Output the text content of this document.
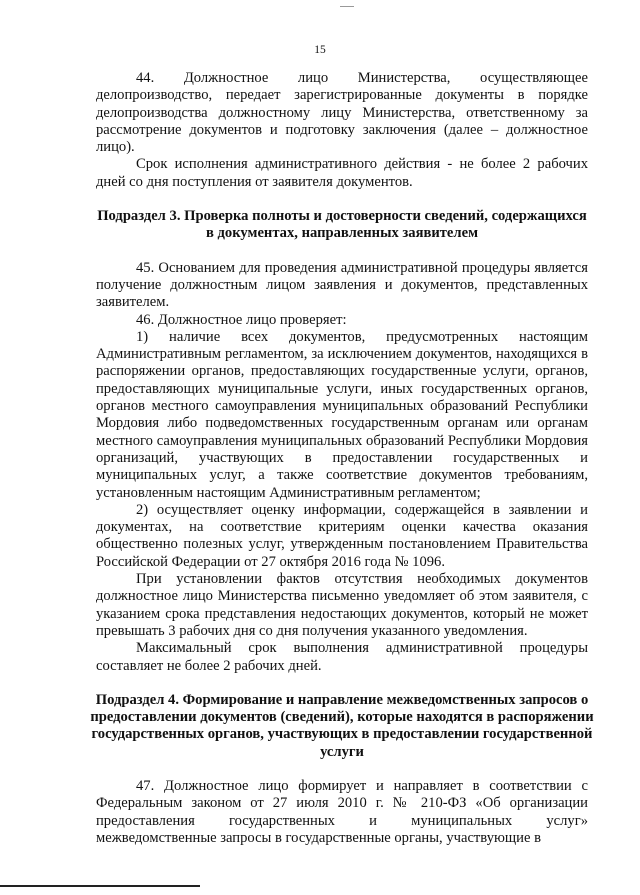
15

44. Должностное лицо Министерства, осуществляющее делопроизводство, передает зарегистрированные документы в порядке делопроизводства должностному лицу Министерства, ответственному за рассмотрение документов и подготовку заключения (далее – должностное лицо).

Срок исполнения административного действия - не более 2 рабочих дней со дня поступления от заявителя документов.

Подраздел 3. Проверка полноты и достоверности сведений, содержащихся в документах, направленных заявителем

45. Основанием для проведения административной процедуры является получение должностным лицом заявления и документов, представленных заявителем.

46. Должностное лицо проверяет:

1) наличие всех документов, предусмотренных настоящим Административным регламентом, за исключением документов, находящихся в распоряжении органов, предоставляющих государственные услуги, органов, предоставляющих муниципальные услуги, иных государственных органов, органов местного самоуправления муниципальных образований Республики Мордовия либо подведомственных государственным органам или органам местного самоуправления муниципальных образований Республики Мордовия организаций, участвующих в предоставлении государственных и муниципальных услуг, а также соответствие документов требованиям, установленным настоящим Административным регламентом;

2) осуществляет оценку информации, содержащейся в заявлении и документах, на соответствие критериям оценки качества оказания общественно полезных услуг, утвержденным постановлением Правительства Российской Федерации от 27 октября 2016 года № 1096.

При установлении фактов отсутствия необходимых документов должностное лицо Министерства письменно уведомляет об этом заявителя, с указанием срока представления недостающих документов, который не может превышать 3 рабочих дня со дня получения указанного уведомления.

Максимальный срок выполнения административной процедуры составляет не более 2 рабочих дней.

Подраздел 4. Формирование и направление межведомственных запросов о предоставлении документов (сведений), которые находятся в распоряжении государственных органов, участвующих в предоставлении государственной услуги

47. Должностное лицо формирует и направляет в соответствии с Федеральным законом от 27 июля 2010 г. № 210-ФЗ «Об организации предоставления государственных и муниципальных услуг» межведомственные запросы в государственные органы, участвующие в
